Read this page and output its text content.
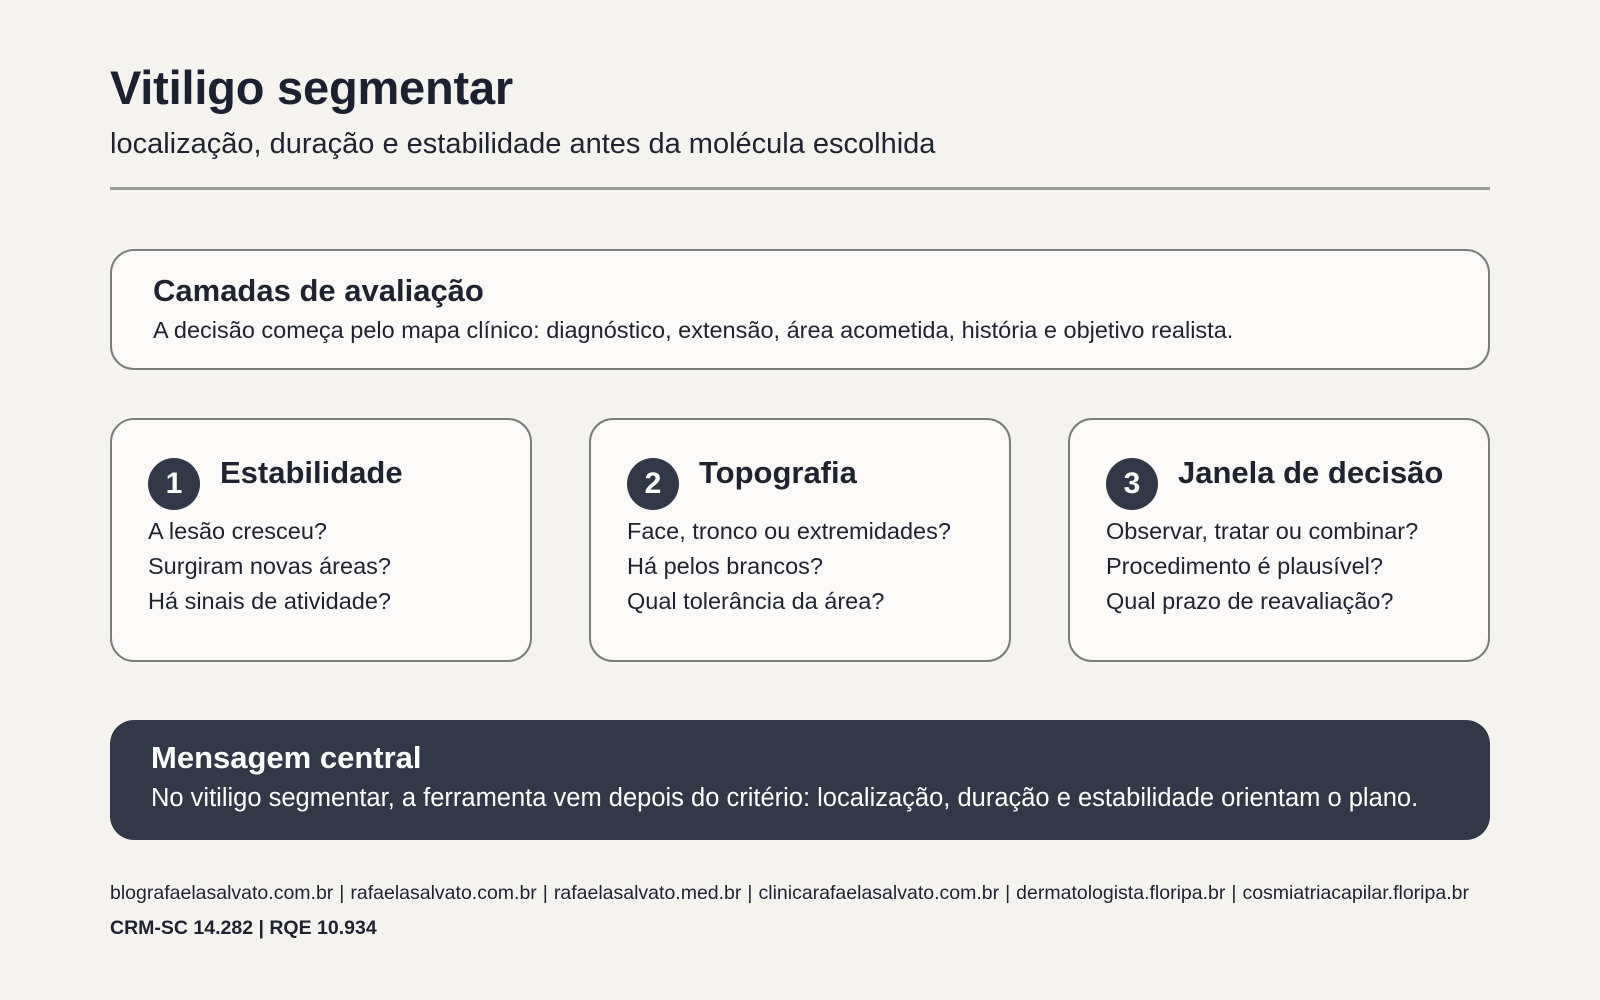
Vitiligo segmentar

localização, duração e estabilidade antes da molécula escolhida

Camadas de avaliação
A decisão começa pelo mapa clínico: diagnóstico, extensão, área acometida, história e objetivo realista.
1	Estabilidade
A lesão cresceu?
Surgiram novas áreas?
Há sinais de atividade?
2	Topografia
Face, tronco ou extremidades?
Há pelos brancos?
Qual tolerância da área?
3	Janela de decisão
Observar, tratar ou combinar?
Procedimento é plausível?
Qual prazo de reavaliação?
Mensagem central
No vitiligo segmentar, a ferramenta vem depois do critério: localização, duração e estabilidade orientam o plano.
blografaelasalvato.com.br | rafaelasalvato.com.br | rafaelasalvato.med.br | clinicarafaelasalvato.com.br | dermatologista.floripa.br | cosmiatriacapilar.floripa.br
CRM-SC 14.282 | RQE 10.934
